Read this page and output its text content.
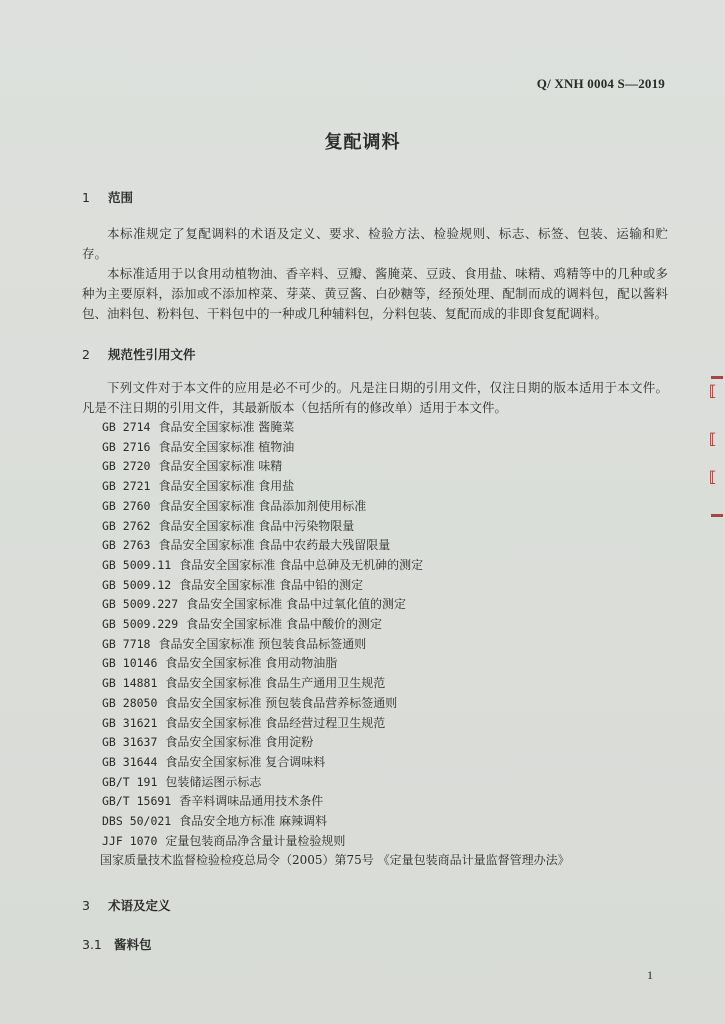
Q/ XNH 0004 S—2019
复配调料
1 范围

本标准规定了复配调料的术语及定义、要求、检验方法、检验规则、标志、标签、包装、运输和贮存。

本标准适用于以食用动植物油、香辛料、豆瓣、酱腌菜、豆豉、食用盐、味精、鸡精等中的几种或多种为主要原料，添加或不添加榨菜、芽菜、黄豆酱、白砂糖等，经预处理、配制而成的调料包，配以酱料包、油料包、粉料包、干料包中的一种或几种辅料包，分料包装、复配而成的非即食复配调料。

2 规范性引用文件

下列文件对于本文件的应用是必不可少的。凡是注日期的引用文件，仅注日期的版本适用于本文件。凡是不注日期的引用文件，其最新版本（包括所有的修改单）适用于本文件。

GB 2714 食品安全国家标准 酱腌菜
GB 2716 食品安全国家标准 植物油
GB 2720 食品安全国家标准 味精
GB 2721 食品安全国家标准 食用盐
GB 2760 食品安全国家标准 食品添加剂使用标准
GB 2762 食品安全国家标准 食品中污染物限量
GB 2763 食品安全国家标准 食品中农药最大残留限量
GB 5009.11 食品安全国家标准 食品中总砷及无机砷的测定
GB 5009.12 食品安全国家标准 食品中铅的测定
GB 5009.227 食品安全国家标准 食品中过氧化值的测定
GB 5009.229 食品安全国家标准 食品中酸价的测定
GB 7718 食品安全国家标准 预包装食品标签通则
GB 10146 食品安全国家标准 食用动物油脂
GB 14881 食品安全国家标准 食品生产通用卫生规范
GB 28050 食品安全国家标准 预包装食品营养标签通则
GB 31621 食品安全国家标准 食品经营过程卫生规范
GB 31637 食品安全国家标准 食用淀粉
GB 31644 食品安全国家标准 复合调味料
GB/T 191 包装储运图示标志
GB/T 15691 香辛料调味品通用技术条件
DBS 50/021 食品安全地方标准 麻辣调料
JJF 1070 定量包装商品净含量计量检验规则
国家质量技术监督检验检疫总局令（2005）第75号 《定量包装商品计量监督管理办法》
3 术语及定义
3.1 酱料包
1
⟦
⟦
⟦
